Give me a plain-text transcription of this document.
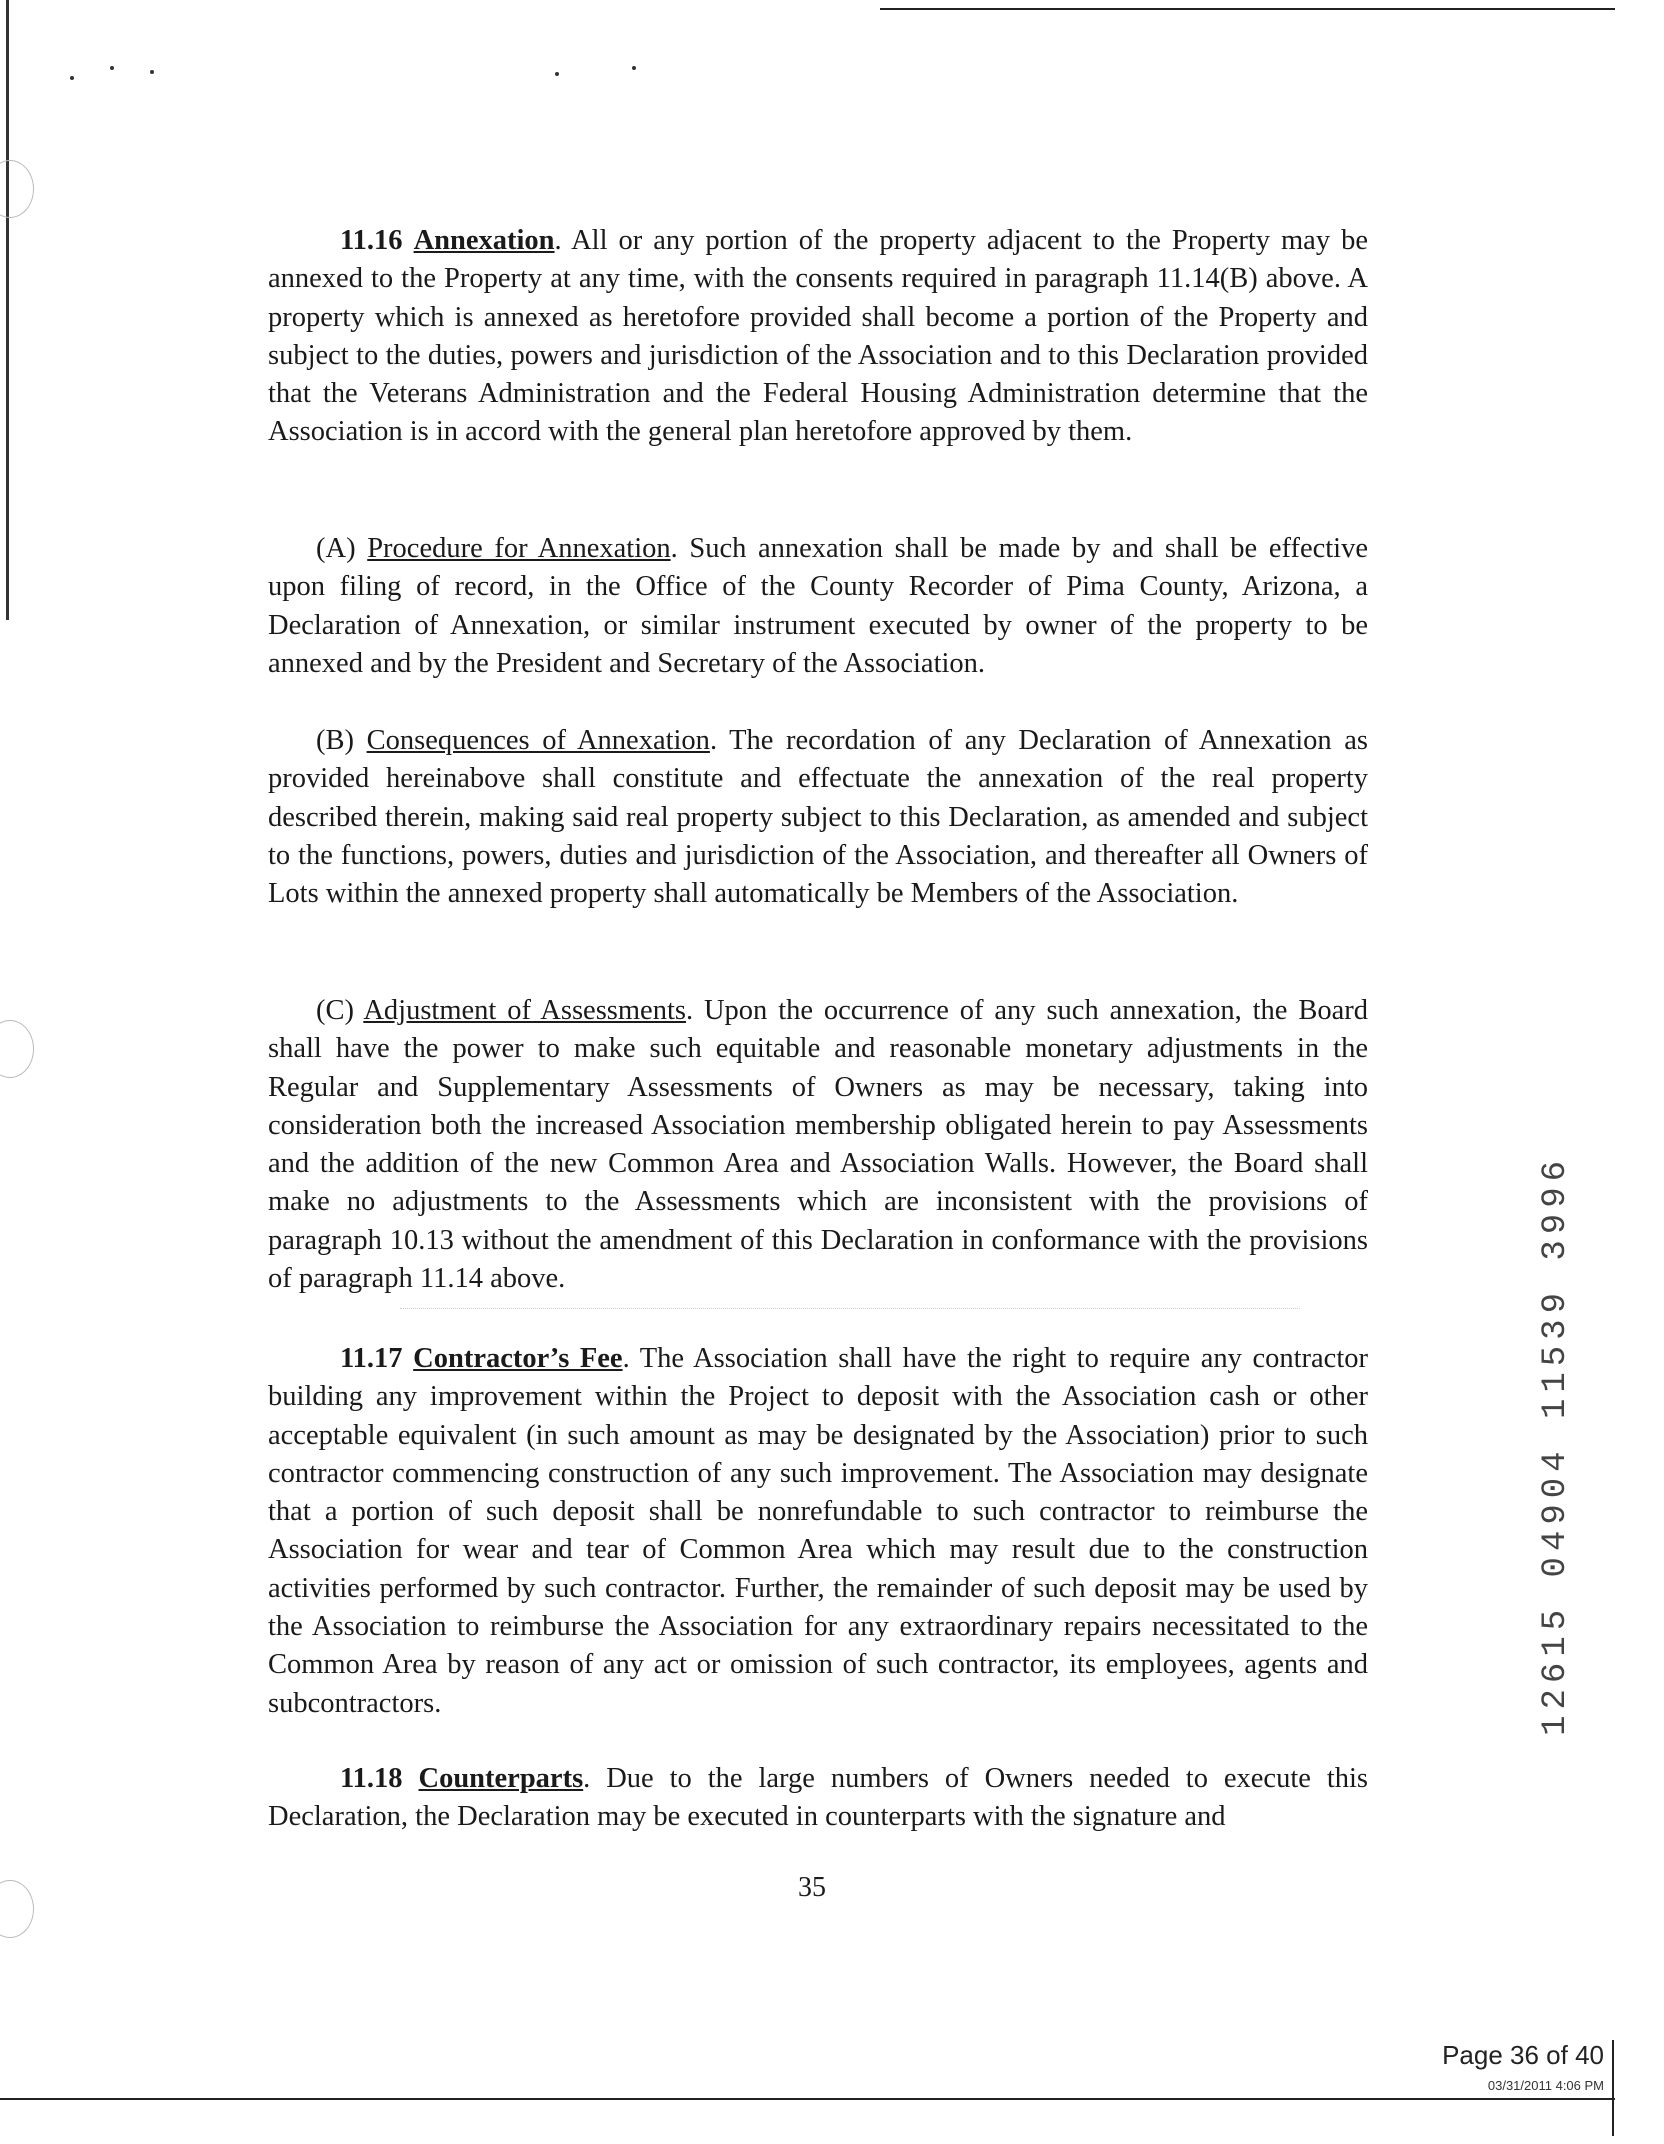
11.16 Annexation. All or any portion of the property adjacent to the Property may be annexed to the Property at any time, with the consents required in paragraph 11.14(B) above. A property which is annexed as heretofore provided shall become a portion of the Property and subject to the duties, powers and jurisdiction of the Association and to this Declaration provided that the Veterans Administration and the Federal Housing Administration determine that the Association is in accord with the general plan heretofore approved by them.

(A) Procedure for Annexation. Such annexation shall be made by and shall be effective upon filing of record, in the Office of the County Recorder of Pima County, Arizona, a Declaration of Annexation, or similar instrument executed by owner of the property to be annexed and by the President and Secretary of the Association.

(B) Consequences of Annexation. The recordation of any Declaration of Annexation as provided hereinabove shall constitute and effectuate the annexation of the real property described therein, making said real property subject to this Declaration, as amended and subject to the functions, powers, duties and jurisdiction of the Association, and thereafter all Owners of Lots within the annexed property shall automatically be Members of the Association.

(C) Adjustment of Assessments. Upon the occurrence of any such annexation, the Board shall have the power to make such equitable and reasonable monetary adjustments in the Regular and Supplementary Assessments of Owners as may be necessary, taking into consideration both the increased Association membership obligated herein to pay Assessments and the addition of the new Common Area and Association Walls. However, the Board shall make no adjustments to the Assessments which are inconsistent with the provisions of paragraph 10.13 without the amendment of this Declaration in conformance with the provisions of paragraph 11.14 above.

11.17 Contractor’s Fee. The Association shall have the right to require any contractor building any improvement within the Project to deposit with the Association cash or other acceptable equivalent (in such amount as may be designated by the Association) prior to such contractor commencing construction of any such improvement. The Association may designate that a portion of such deposit shall be nonrefundable to such contractor to reimburse the Association for wear and tear of Common Area which may result due to the construction activities performed by such contractor. Further, the remainder of such deposit may be used by the Association to reimburse the Association for any extraordinary repairs necessitated to the Common Area by reason of any act or omission of such contractor, its employees, agents and subcontractors.

11.18 Counterparts. Due to the large numbers of Owners needed to execute this Declaration, the Declaration may be executed in counterparts with the signature and

35
12615 04904 11539 3996
Page 36 of 40
03/31/2011 4:06 PM
